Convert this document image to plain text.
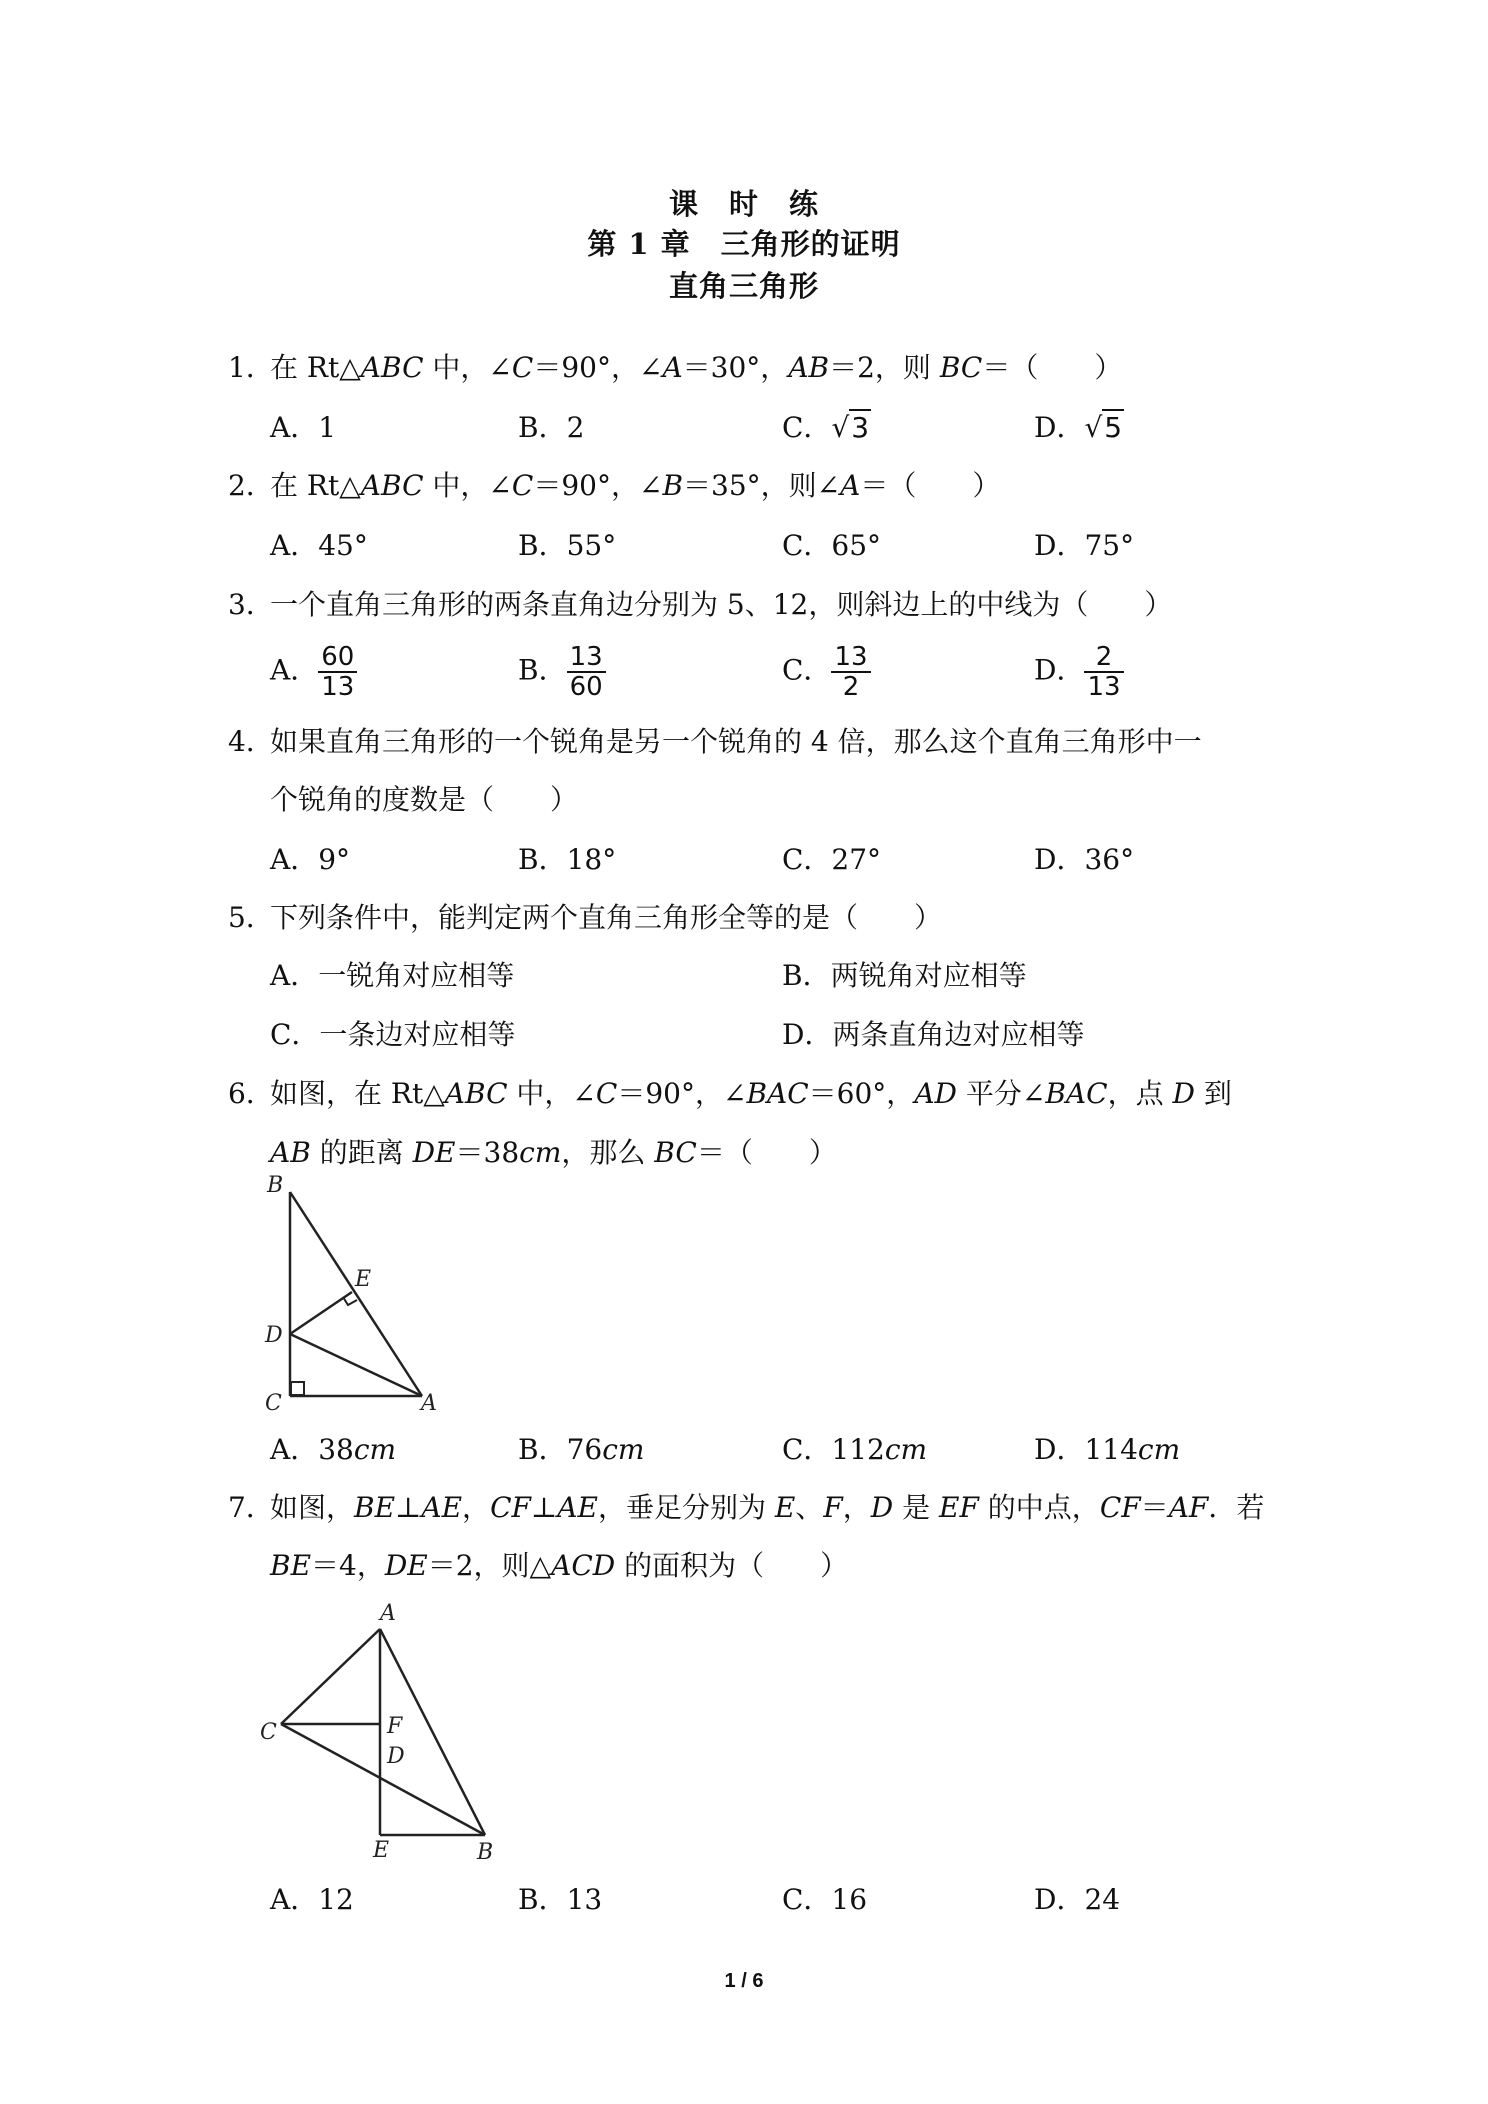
课　时　练
第 1 章　三角形的证明
直角三角形
1．在 Rt△ABC 中，∠C＝90°，∠A＝30°，AB＝2，则 BC＝（　　）
A．1	B．2	C．√3	D．√5
2．在 Rt△ABC 中，∠C＝90°，∠B＝35°，则∠A＝（　　）
A．45°	B．55°	C．65°	D．75°
3．一个直角三角形的两条直角边分别为 5、12，则斜边上的中线为（　　）
A． $\frac{60}{13}$	B． $\frac{13}{60}$	C． $\frac{13}{2}$	D． $\frac{2}{13}$
4．如果直角三角形的一个锐角是另一个锐角的 4 倍，那么这个直角三角形中一
个锐角的度数是（　　）
A．9°	B．18°	C．27°	D．36°
5．下列条件中，能判定两个直角三角形全等的是（　　）
A．一锐角对应相等	B．两锐角对应相等
C．一条边对应相等	D．两条直角边对应相等
6．如图，在 Rt△ABC 中，∠C＝90°，∠BAC＝60°，AD 平分∠BAC，点 D 到
AB 的距离 DE＝38cm，那么 BC＝（　　）
B
E
D
C	A
A．38cm	B．76cm	C．112cm	D．114cm
7．如图，BE⊥AE，CF⊥AE，垂足分别为 E、F，D 是 EF 的中点，CF＝AF．若
BE＝4，DE＝2，则△ACD 的面积为（　　）
A
F
C
D
E	B
A．12	B．13	C．16	D．24
1 / 6
